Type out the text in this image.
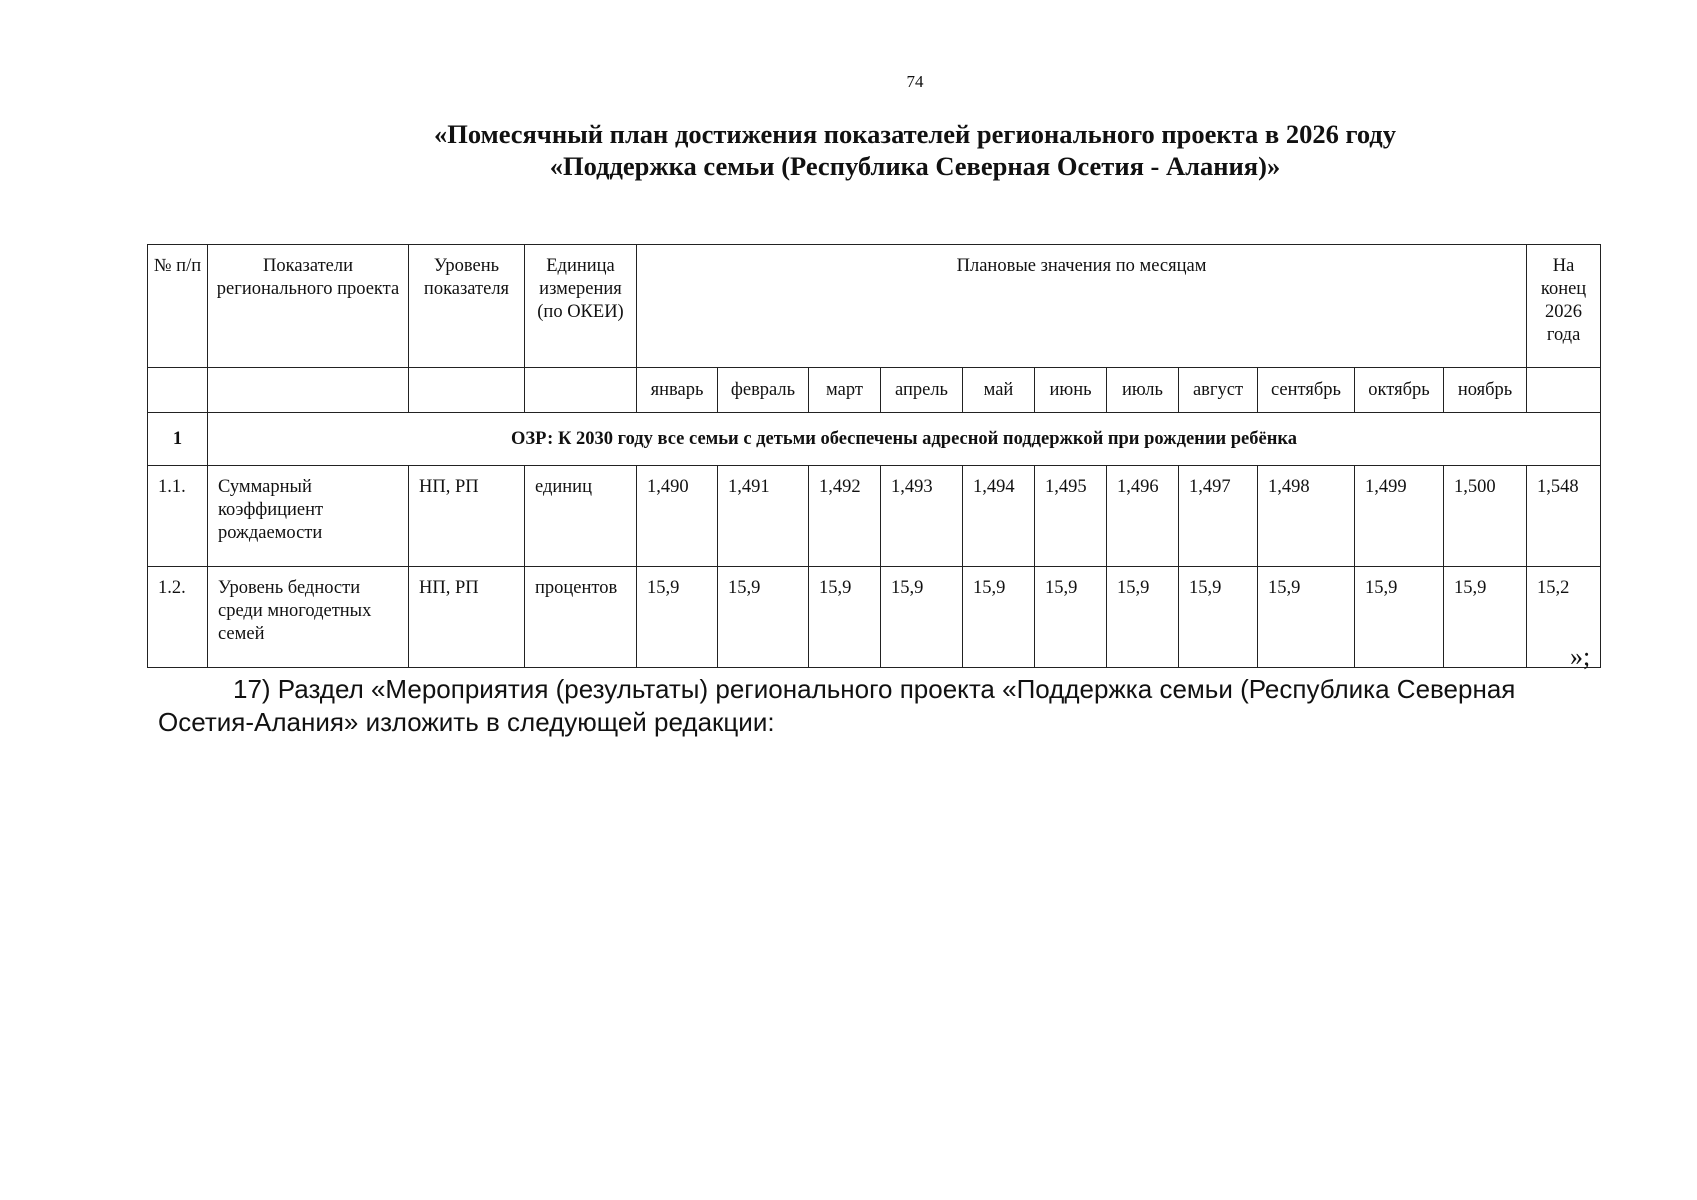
74
«Помесячный план достижения показателей регионального проекта в 2026 году
«Поддержка семьи (Республика Северная Осетия - Алания)»
№ п/п	Показатели регионального проекта	Уровень показателя	Единица измерения (по ОКЕИ)	Плановые значения по месяцам											На конец 2026 года
				январь	февраль	март	апрель	май	июнь	июль	август	сентябрь	октябрь	ноябрь	
1	ОЗР: К 2030 году все семьи с детьми обеспечены адресной поддержкой при рождении ребёнка														
1.1.	Суммарный коэффициент рождаемости	НП, РП	единиц	1,490	1,491	1,492	1,493	1,494	1,495	1,496	1,497	1,498	1,499	1,500	1,548
1.2.	Уровень бедности среди многодетных семей	НП, РП	процентов	15,9	15,9	15,9	15,9	15,9	15,9	15,9	15,9	15,9	15,9	15,9	15,2
»;
17) Раздел «Мероприятия (результаты) регионального проекта «Поддержка семьи (Республика Северная Осетия-Алания» изложить в следующей редакции:
